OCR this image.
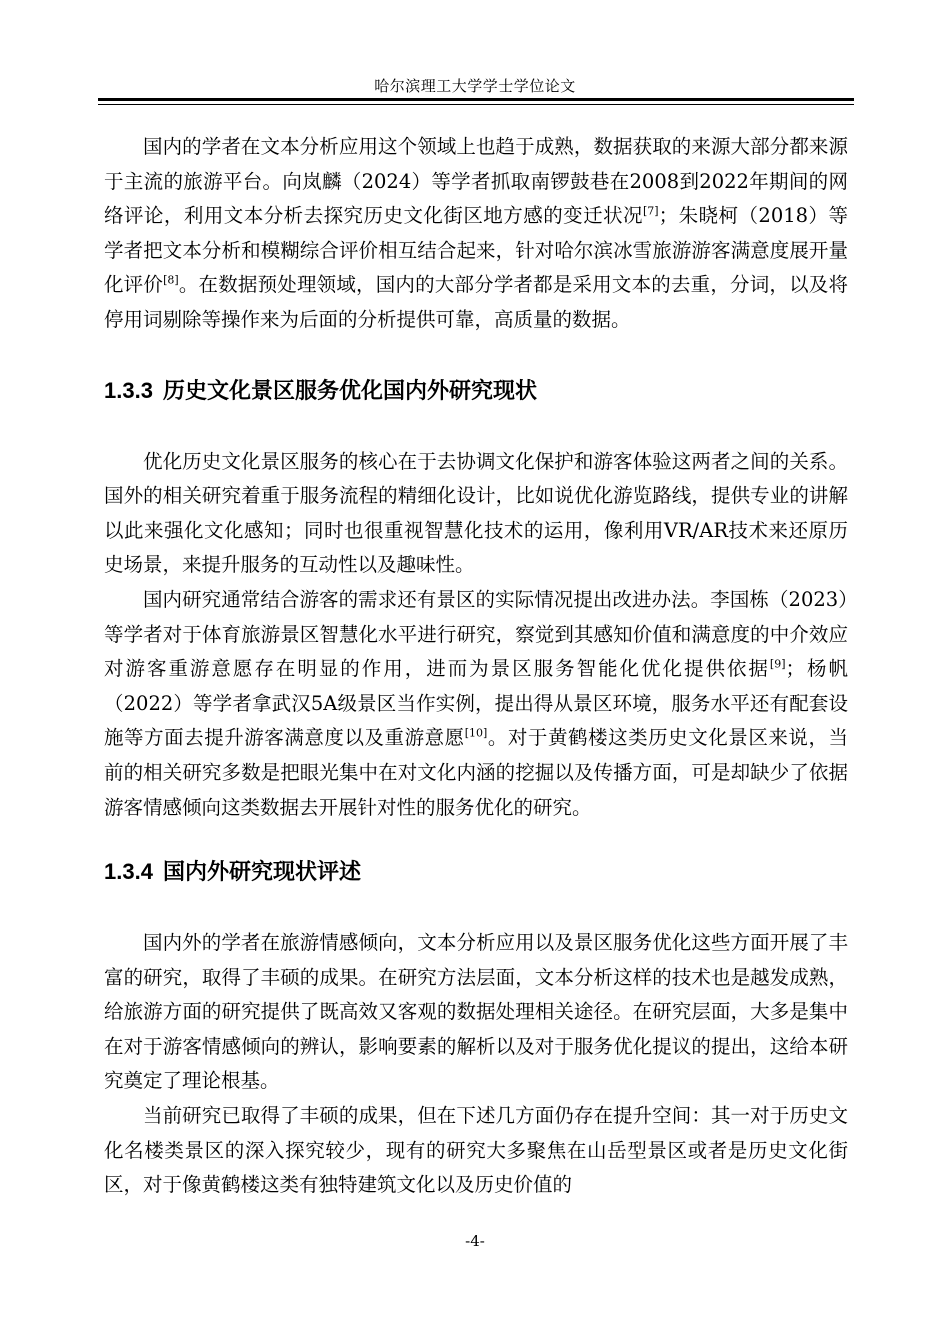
哈尔滨理工大学学士学位论文

国内的学者在文本分析应用这个领域上也趋于成熟，数据获取的来源大部分都来源于主流的旅游平台。向岚麟（2024）等学者抓取南锣鼓巷在2008到2022年期间的网络评论，利用文本分析去探究历史文化街区地方感的变迁状况[7]；朱晓柯（2018）等学者把文本分析和模糊综合评价相互结合起来，针对哈尔滨冰雪旅游游客满意度展开量化评价[8]。在数据预处理领域，国内的大部分学者都是采用文本的去重，分词，以及将停用词剔除等操作来为后面的分析提供可靠，高质量的数据。

1.3.3 历史文化景区服务优化国内外研究现状

优化历史文化景区服务的核心在于去协调文化保护和游客体验这两者之间的关系。国外的相关研究着重于服务流程的精细化设计，比如说优化游览路线，提供专业的讲解以此来强化文化感知；同时也很重视智慧化技术的运用，像利用VR/AR技术来还原历史场景，来提升服务的互动性以及趣味性。

国内研究通常结合游客的需求还有景区的实际情况提出改进办法。李国栋（2023）等学者对于体育旅游景区智慧化水平进行研究，察觉到其感知价值和满意度的中介效应对游客重游意愿存在明显的作用，进而为景区服务智能化优化提供依据[9]；杨帆（2022）等学者拿武汉5A级景区当作实例，提出得从景区环境，服务水平还有配套设施等方面去提升游客满意度以及重游意愿[10]。对于黄鹤楼这类历史文化景区来说，当前的相关研究多数是把眼光集中在对文化内涵的挖掘以及传播方面，可是却缺少了依据游客情感倾向这类数据去开展针对性的服务优化的研究。

1.3.4 国内外研究现状评述

国内外的学者在旅游情感倾向，文本分析应用以及景区服务优化这些方面开展了丰富的研究，取得了丰硕的成果。在研究方法层面，文本分析这样的技术也是越发成熟，给旅游方面的研究提供了既高效又客观的数据处理相关途径。在研究层面，大多是集中在对于游客情感倾向的辨认，影响要素的解析以及对于服务优化提议的提出，这给本研究奠定了理论根基。

当前研究已取得了丰硕的成果，但在下述几方面仍存在提升空间：其一对于历史文化名楼类景区的深入探究较少，现有的研究大多聚焦在山岳型景区或者是历史文化街区，对于像黄鹤楼这类有独特建筑文化以及历史价值的

-4-
